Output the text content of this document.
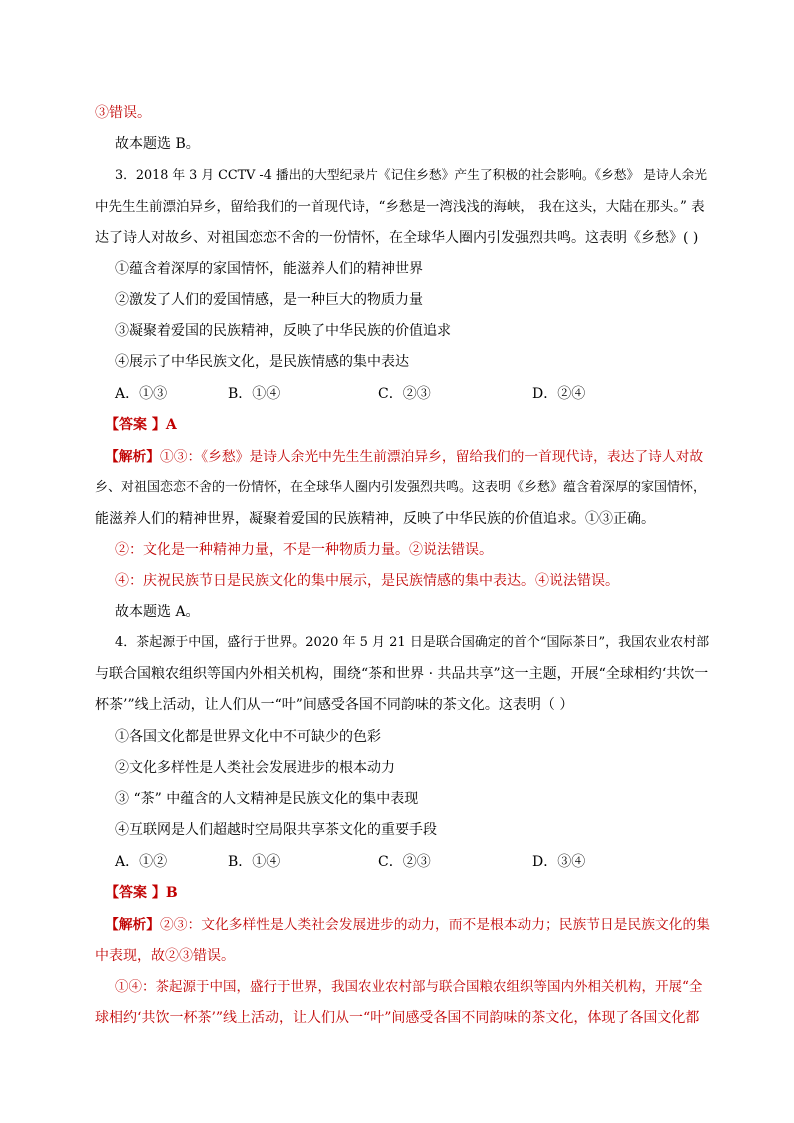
③错误。
故本题选 B。
3．2018 年 3 月 CCTV -4 播出的大型纪录片《记住乡愁》产生了积极的社会影响。《乡愁》 是诗人余光
中先生生前漂泊异乡，留给我们的一首现代诗，“乡愁是一湾浅浅的海峡， 我在这头，大陆在那头。” 表
达了诗人对故乡、对祖国恋恋不舍的一份情怀，在全球华人圈内引发强烈共鸣。这表明《乡愁》( )
①蕴含着深厚的家国情怀，能滋养人们的精神世界
②激发了人们的爱国情感，是一种巨大的物质力量
③凝聚着爱国的民族精神，反映了中华民族的价值追求
④展示了中华民族文化，是民族情感的集中表达
A．①③	B．①④	C．②③	D．②④
【答案 】A
【解析】①③：《乡愁》是诗人余光中先生生前漂泊异乡，留给我们的一首现代诗，表达了诗人对故
乡、对祖国恋恋不舍的一份情怀，在全球华人圈内引发强烈共鸣。这表明《乡愁》蕴含着深厚的家国情怀，
能滋养人们的精神世界，凝聚着爱国的民族精神，反映了中华民族的价值追求。①③正确。
②：文化是一种精神力量，不是一种物质力量。②说法错误。
④：庆祝民族节日是民族文化的集中展示，是民族情感的集中表达。④说法错误。
故本题选 A。
4．茶起源于中国，盛行于世界。2020 年 5 月 21 日是联合国确定的首个“国际茶日”，我国农业农村部
与联合国粮农组织等国内外相关机构，围绕“茶和世界 · 共品共享”这一主题，开展“全球相约‘共饮一
杯茶’”线上活动，让人们从一“叶”间感受各国不同韵味的茶文化。这表明（ ）
①各国文化都是世界文化中不可缺少的色彩
②文化多样性是人类社会发展进步的根本动力
③ “茶” 中蕴含的人文精神是民族文化的集中表现
④互联网是人们超越时空局限共享茶文化的重要手段
A．①②	B．①④	C．②③	D．③④
【答案 】B
【解析】②③：文化多样性是人类社会发展进步的动力，而不是根本动力；民族节日是民族文化的集
中表现，故②③错误。
①④：茶起源于中国，盛行于世界，我国农业农村部与联合国粮农组织等国内外相关机构，开展“全
球相约‘共饮一杯茶’”线上活动，让人们从一“叶”间感受各国不同韵味的茶文化，体现了各国文化都
